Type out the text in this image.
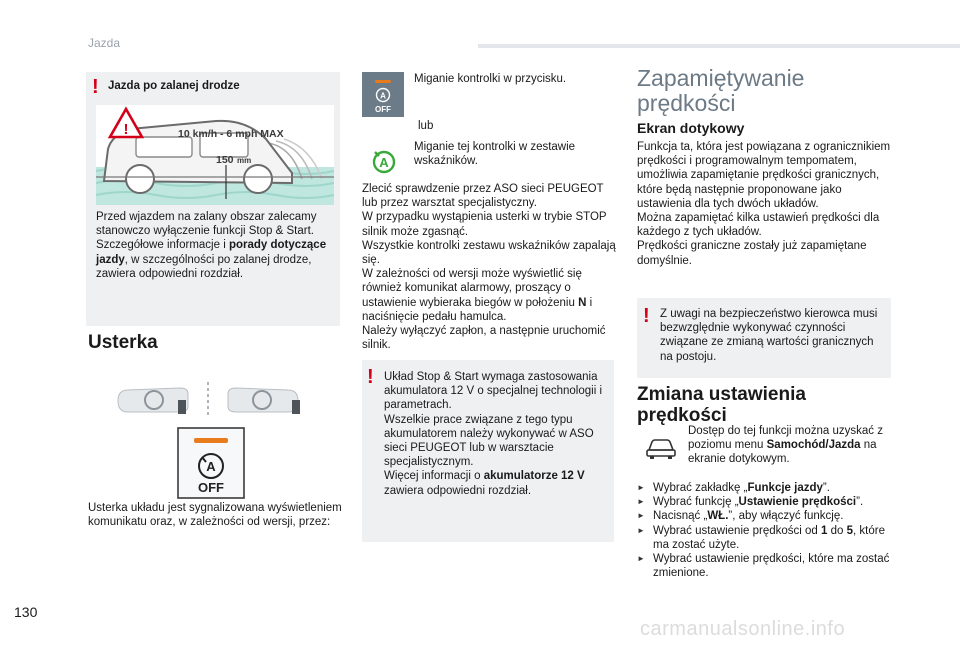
Jazda
! Jazda po zalanej drodze
!	10 km/h - 6 mph MAX
150 mm

Przed wjazdem na zalany obszar zalecamy stanowczo wyłączenie funkcji Stop & Start.

Szczegółowe informacje i porady dotyczące jazdy, w szczególności po zalanej drodze, zawiera odpowiedni rozdział.

Usterka
A
OFF
Usterka układu jest sygnalizowana wyświetleniem komunikatu oraz, w zależności od wersji, przez:
A
OFF
Miganie kontrolki w przycisku.
lub
A
Miganie tej kontrolki w zestawie wskaźników.

Zlecić sprawdzenie przez ASO sieci PEUGEOT lub przez warsztat specjalistyczny.

W przypadku wystąpienia usterki w trybie STOP silnik może zgasnąć.

Wszystkie kontrolki zestawu wskaźników zapalają się.

W zależności od wersji może wyświetlić się również komunikat alarmowy, proszący o ustawienie wybieraka biegów w położeniu N i naciśnięcie pedału hamulca.

Należy wyłączyć zapłon, a następnie uruchomić silnik.

! Układ Stop & Start wymaga zastosowania akumulatora 12 V o specjalnej technologii i parametrach.

Wszelkie prace związane z tego typu akumulatorem należy wykonywać w ASO sieci PEUGEOT lub w warsztacie specjalistycznym.

Więcej informacji o akumulatorze 12 V zawiera odpowiedni rozdział.

Zapamiętywanie prędkości
Ekran dotykowy

Funkcja ta, która jest powiązana z ogranicznikiem prędkości i programowalnym tempomatem, umożliwia zapamiętanie prędkości granicznych, które będą następnie proponowane jako ustawienia dla tych dwóch układów.

Można zapamiętać kilka ustawień prędkości dla każdego z tych układów.

Prędkości graniczne zostały już zapamiętane domyślnie.

! Z uwagi na bezpieczeństwo kierowca musi bezwzględnie wykonywać czynności związane ze zmianą wartości granicznych na postoju.
Zmiana ustawienia prędkości
Dostęp do tej funkcji można uzyskać z poziomu menu Samochód/Jazda na ekranie dotykowym.
► Wybrać zakładkę „Funkcje jazdy”.
► Wybrać funkcję „Ustawienie prędkości”.
► Nacisnąć „WŁ.”, aby włączyć funkcję.
► Wybrać ustawienie prędkości od 1 do 5, które ma zostać użyte.
► Wybrać ustawienie prędkości, które ma zostać zmienione.
130
carmanualsonline.info
